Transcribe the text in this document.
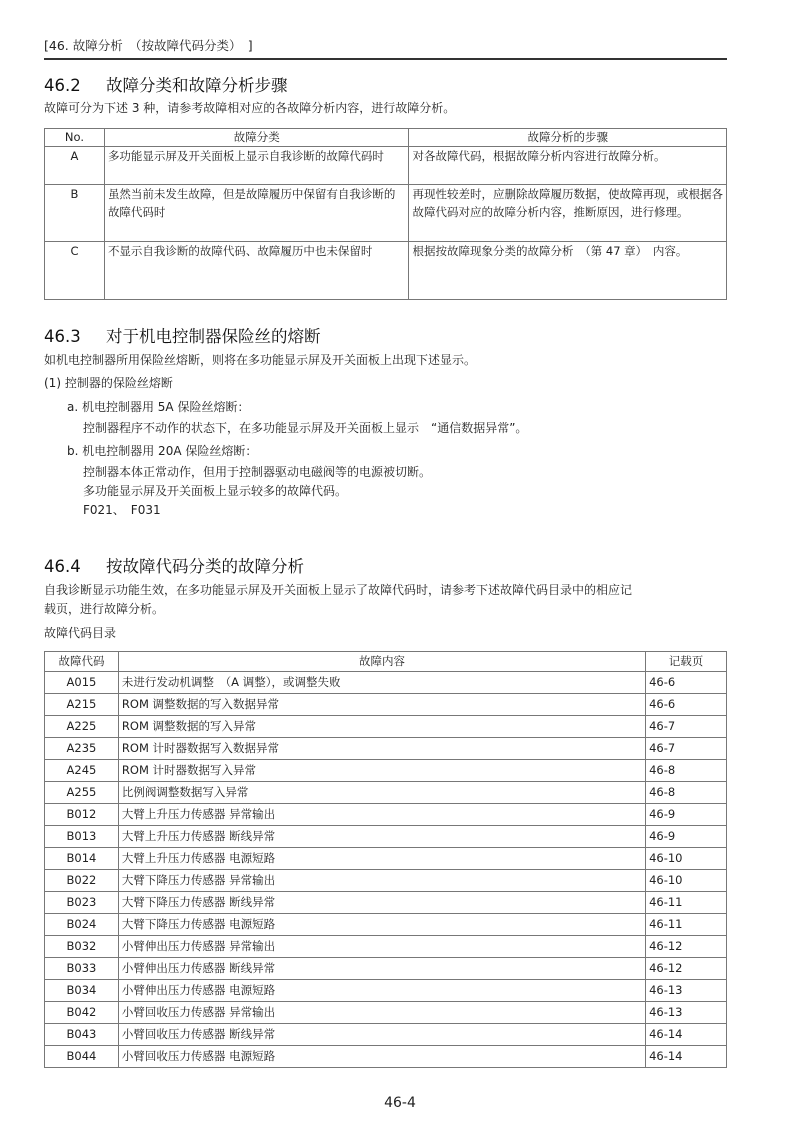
[46. 故障分析　（按故障代码分类）　]
46.2 故障分类和故障分析步骤
故障可分为下述 3 种，请参考故障相对应的各故障分析内容，进行故障分析。
No.	故障分类	故障分析的步骤
A	多功能显示屏及开关面板上显示自我诊断的故障代码时	对各故障代码，根据故障分析内容进行故障分析。
B	虽然当前未发生故障，但是故障履历中保留有自我诊断的故障代码时	再现性较差时，应删除故障履历数据，使故障再现，或根据各故障代码对应的故障分析内容，推断原因，进行修理。
C	不显示自我诊断的故障代码、故障履历中也未保留时	根据按故障现象分类的故障分析　（第 47 章）　内容。
46.3 对于机电控制器保险丝的熔断
如机电控制器所用保险丝熔断，则将在多功能显示屏及开关面板上出现下述显示。
(1) 控制器的保险丝熔断
a. 机电控制器用 5A 保险丝熔断：
控制器程序不动作的状态下，在多功能显示屏及开关面板上显示　“通信数据异常”。
b. 机电控制器用 20A 保险丝熔断：
控制器本体正常动作，但用于控制器驱动电磁阀等的电源被切断。
多功能显示屏及开关面板上显示较多的故障代码。
F021、　F031
46.4 按故障代码分类的故障分析
自我诊断显示功能生效，在多功能显示屏及开关面板上显示了故障代码时，请参考下述故障代码目录中的相应记
载页，进行故障分析。
故障代码目录
故障代码	故障内容	记载页
A015	未进行发动机调整　（A 调整），或调整失败	46-6
A215	ROM 调整数据的写入数据异常	46-6
A225	ROM 调整数据的写入异常	46-7
A235	ROM 计时器数据写入数据异常	46-7
A245	ROM 计时器数据写入异常	46-8
A255	比例阀调整数据写入异常	46-8
B012	大臂上升压力传感器 异常输出	46-9
B013	大臂上升压力传感器 断线异常	46-9
B014	大臂上升压力传感器 电源短路	46-10
B022	大臂下降压力传感器 异常输出	46-10
B023	大臂下降压力传感器 断线异常	46-11
B024	大臂下降压力传感器 电源短路	46-11
B032	小臂伸出压力传感器 异常输出	46-12
B033	小臂伸出压力传感器 断线异常	46-12
B034	小臂伸出压力传感器 电源短路	46-13
B042	小臂回收压力传感器 异常输出	46-13
B043	小臂回收压力传感器 断线异常	46-14
B044	小臂回收压力传感器 电源短路	46-14
46-4
